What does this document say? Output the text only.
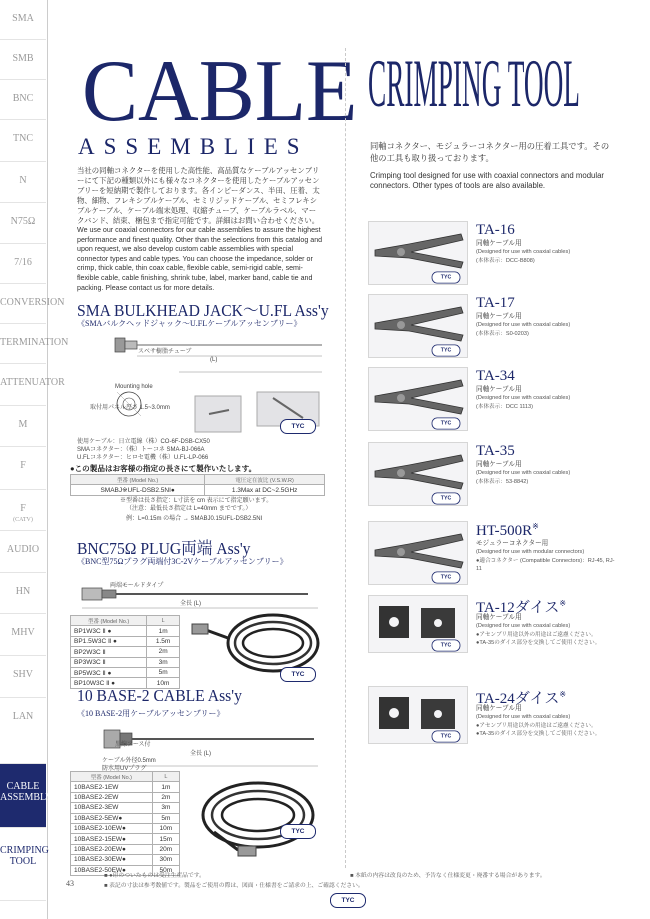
SMA
SMB
BNC
TNC
N
N75Ω
7/16
CONVERSION
TERMINATION
ATTENUATOR
M
F
F
(CATV)
AUDIO
HN
MHV
SHV
LAN
CABLE ASSEMBLY
CRIMPING TOOL
CABLE
ASSEMBLIES
当社の同軸コネクターを使用した高性能、高品質なケーブルアッセンブリーにて下記の種類以外にも様々なコネクターを使用したケーブルアッセンブリーを短納期で製作しております。各インピーダンス、半田、圧着、太物、細物、フレキシブルケーブル、セミリジッドケーブル、セミフレキシブルケーブル、ケーブル端末処理、収縮チューブ、ケーブルラベル、マークバンド、結束、梱包まで指定可能です。詳細はお問い合わせください。
We use our coaxial connectors for our cable assemblies to assure the highest performance and finest quality. Other than the selections from this catalog and upon request, we also develop custom cable assemblies with special connector types and cable types. You can choose the impedance, solder or crimp, thick cable, thin coax cable, flexible cable, semi-rigid cable, semi-flexible cable, cable finishing, shrink tube, label, marker band, cable tie and packing. Please contact us for more details.
SMA BULKHEAD JACK～U.FL Ass'y
《SMAバルクヘッドジャック～U.FLケーブルアッセンブリー》
スベサ樹脂チューブ
(L)
Mounting hole
取付用パネル厚さ 1.5~3.0mm
TYC
使用ケーブル：日立電線（株）CO-6F-DSB-CX50
SMAコネクター：（株）トーコネ SMA-BJ-066A
U.FLコネクター：ヒロセ電機（株）U.FL-LP-066
●この製品はお客様の指定の長さにて製作いたします。
型番 (Model No.)	電圧定在波比 (V.S.W.R)
SMABJ※UFL-DSB2.5NI●	1.3Max at DC~2.5GHz
※型番は長さ指定：L寸法を cm 表示にて指定願います。
（注意：最低長さ指定は L=40mm までです。）
例：L=0.15m の場合 → SMABJ0.15UFL-DSB2.5NI
BNC75Ω PLUG両端 Ass'y
《BNC型75Ωプラグ両端付3C-2Vケーブルアッセンブリー》
両端モールドタイプ
全長 (L)
型番 (Model No.)	L
BP1W3C Ⅱ ●	1m
BP1.5W3C Ⅱ ●	1.5m
BP2W3C Ⅱ	2m
BP3W3C Ⅱ	3m
BP5W3C Ⅱ ●	5m
BP10W3C Ⅱ ●	10m
TYC
10 BASE-2 CABLE Ass'y
《10 BASE-2用ケーブルアッセンブリー》
黒線アース付
ケーブル外径0.5mm
防水用UVプラグ
全長 (L)
型番 (Model No.)	L
10BASE2-1EW	1m
10BASE2-2EW	2m
10BASE2-3EW	3m
10BASE2-5EW●	5m
10BASE2-10EW●	10m
10BASE2-15EW●	15m
10BASE2-20EW●	20m
10BASE2-30EW●	30m
10BASE2-50EW●	50m
TYC
CRIMPING TOOL
同軸コネクター、モジュラーコネクター用の圧着工具です。その他の工具も取り扱っております。
Crimping tool designed for use with coaxial connectors and modular connectors. Other types of tools are also available.
TYC
TA-16
同軸ケーブル用
(Designed for use with coaxial cables)
(本体表示：DCC-B808)
TYC
TA-17
同軸ケーブル用
(Designed for use with coaxial cables)
(本体表示：S0-0203)
TYC
TA-34
同軸ケーブル用
(Designed for use with coaxial cables)
(本体表示：DCC 1113)
TYC
TA-35
同軸ケーブル用
(Designed for use with coaxial cables)
(本体表示：53-8842)
TYC
HT-500R※
モジュラーコネクター用
(Designed for use with modular connectors)
●適合コネクター (Compatible Connectors)：RJ-45, RJ-11
TYC
TA-12ダイス※
同軸ケーブル用
(Designed for use with coaxial cables)
●アセンブリ用途以外の用途はご遠慮ください。
●TA-35のダイス部分を交換してご使用ください。
TYC
TA-24ダイス※
同軸ケーブル用
(Designed for use with coaxial cables)
●アセンブリ用途以外の用途はご遠慮ください。
●TA-35のダイス部分を交換してご使用ください。
43
■ ●印のついたものは受注生産品です。
■ 表記の寸法は参考数値です。製品をご使用の際は、図面・仕様書をご請求の上、ご確認ください。
■ 本紙の内容は改良のため、予告なく仕様変更・廃番する場合があります。
TYC
